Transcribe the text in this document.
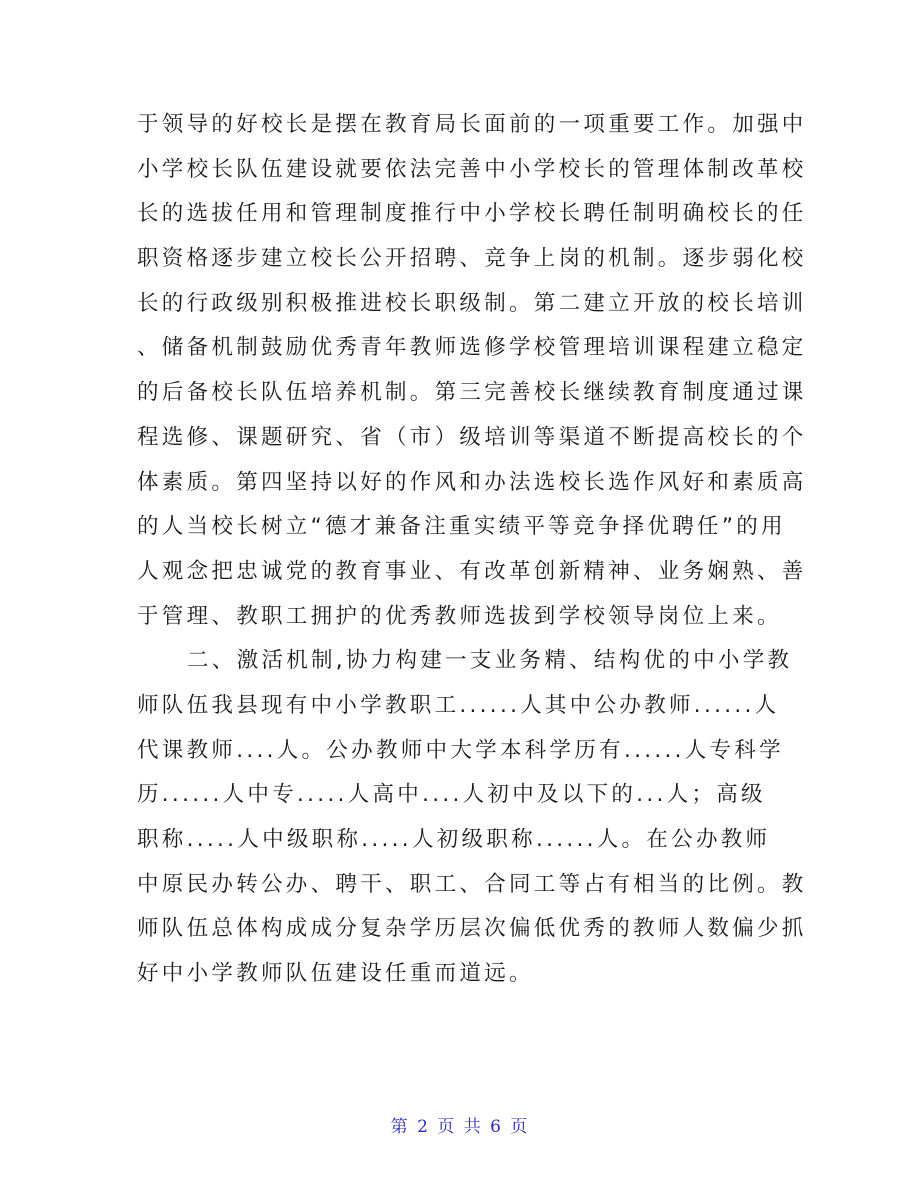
于领导的好校长是摆在教育局长面前的一项重要工作。加强中
小学校长队伍建设就要依法完善中小学校长的管理体制改革校
长的选拔任用和管理制度推行中小学校长聘任制明确校长的任
职资格逐步建立校长公开招聘、竞争上岗的机制。逐步弱化校
长的行政级别积极推进校长职级制。第二建立开放的校长培训
、储备机制鼓励优秀青年教师选修学校管理培训课程建立稳定
的后备校长队伍培养机制。第三完善校长继续教育制度通过课
程选修、课题研究、省（市）级培训等渠道不断提高校长的个
体素质。第四坚持以好的作风和办法选校长选作风好和素质高
的人当校长树立“德才兼备注重实绩平等竞争择优聘任”的用
人观念把忠诚党的教育事业、有改革创新精神、业务娴熟、善
于管理、教职工拥护的优秀教师选拔到学校领导岗位上来。
二、激活机制,协力构建一支业务精、结构优的中小学教
师队伍我县现有中小学教职工......人其中公办教师......人
代课教师....人。公办教师中大学本科学历有......人专科学
历......人中专.....人高中....人初中及以下的...人；高级
职称.....人中级职称.....人初级职称......人。在公办教师
中原民办转公办、聘干、职工、合同工等占有相当的比例。教
师队伍总体构成成分复杂学历层次偏低优秀的教师人数偏少抓
好中小学教师队伍建设任重而道远。
第 2 页 共 6 页
